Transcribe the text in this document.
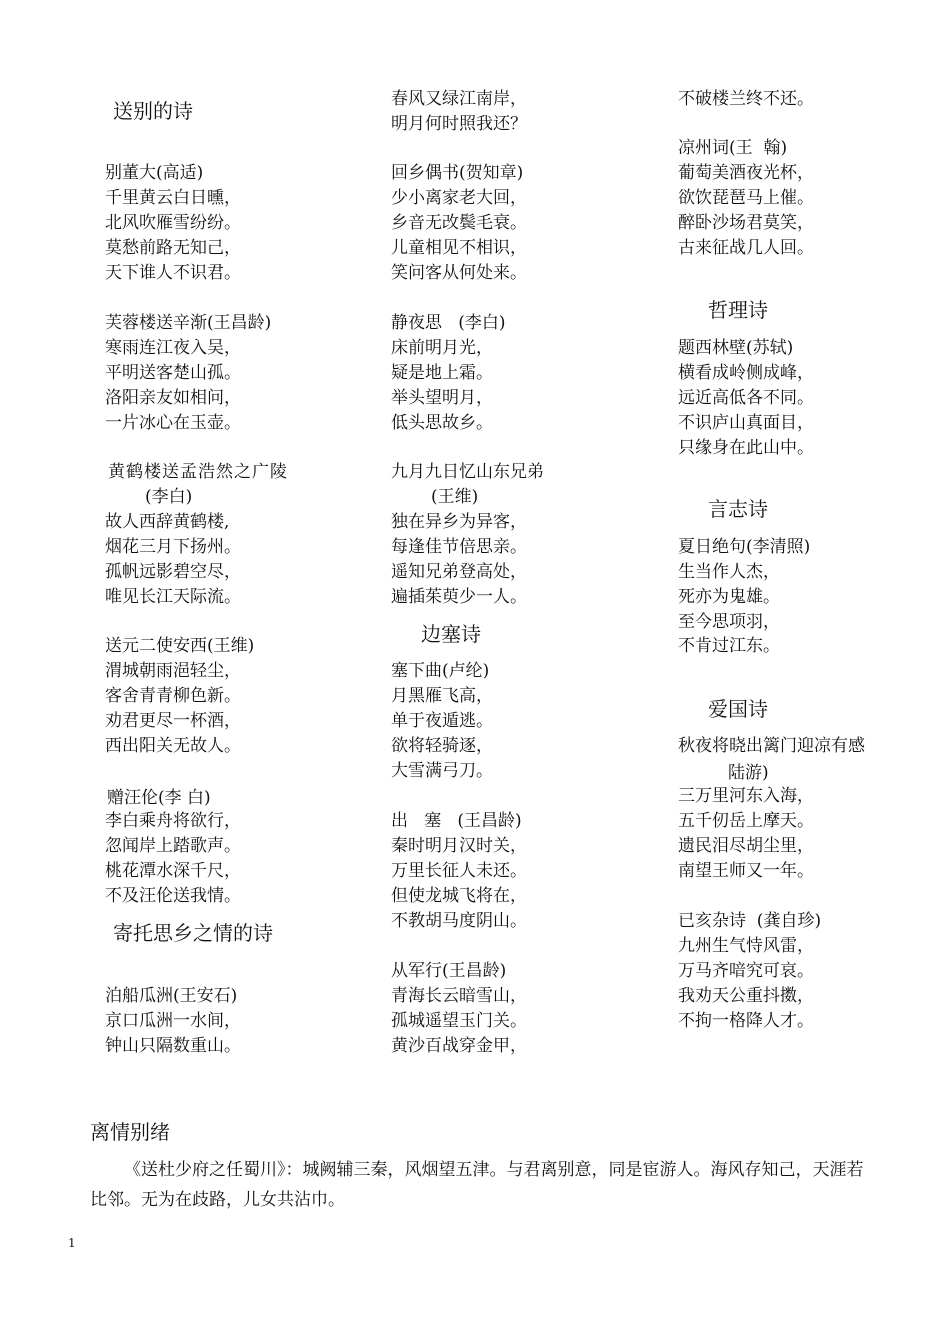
送别的诗
别董大(高适)
千里黄云白日曛，
北风吹雁雪纷纷。
莫愁前路无知己，
天下谁人不识君。
芙蓉楼送辛渐(王昌龄)
寒雨连江夜入吴，
平明送客楚山孤。
洛阳亲友如相问，
一片冰心在玉壶。
黄鹤楼送孟浩然之广陵
(李白)
故人西辞黄鹤楼,
烟花三月下扬州。
孤帆远影碧空尽，
唯见长江天际流。
送元二使安西(王维)
渭城朝雨浥轻尘，
客舍青青柳色新。
劝君更尽一杯酒，
西出阳关无故人。
赠汪伦(李 白)
李白乘舟将欲行，
忽闻岸上踏歌声。
桃花潭水深千尺，
不及汪伦送我情。
寄托思乡之情的诗
泊船瓜洲(王安石)
京口瓜洲一水间，
钟山只隔数重山。
春风又绿江南岸，
明月何时照我还？
回乡偶书(贺知章)
少小离家老大回，
乡音无改鬓毛衰。
儿童相见不相识，
笑问客从何处来。
静夜思   (李白)
床前明月光，
疑是地上霜。
举头望明月，
低头思故乡。
九月九日忆山东兄弟
(王维)
独在异乡为异客，
每逢佳节倍思亲。
遥知兄弟登高处，
遍插茱萸少一人。
边塞诗
塞下曲(卢纶)
月黑雁飞高，
单于夜遁逃。
欲将轻骑逐，
大雪满弓刀。
出   塞   (王昌龄)
秦时明月汉时关，
万里长征人未还。
但使龙城飞将在，
不教胡马度阴山。
从军行(王昌龄)
青海长云暗雪山，
孤城遥望玉门关。
黄沙百战穿金甲，
不破楼兰终不还。
凉州词(王  翰)
葡萄美酒夜光杯，
欲饮琵琶马上催。
醉卧沙场君莫笑，
古来征战几人回。
哲理诗
题西林壁(苏轼)
横看成岭侧成峰，
远近高低各不同。
不识庐山真面目，
只缘身在此山中。
言志诗
夏日绝句(李清照)
生当作人杰，
死亦为鬼雄。
至今思项羽，
不肯过江东。
爱国诗
秋夜将晓出篱门迎凉有感
陆游)
三万里河东入海，
五千仞岳上摩天。
遗民泪尽胡尘里，
南望王师又一年。
已亥杂诗  (龚自珍)
九州生气恃风雷，
万马齐喑究可哀。
我劝天公重抖擞，
不拘一格降人才。
离情别绪
《送杜少府之任蜀川》：城阙辅三秦，风烟望五津。与君离别意，同是宦游人。海风存知己，天涯若比邻。无为在歧路，儿女共沾巾。
1
